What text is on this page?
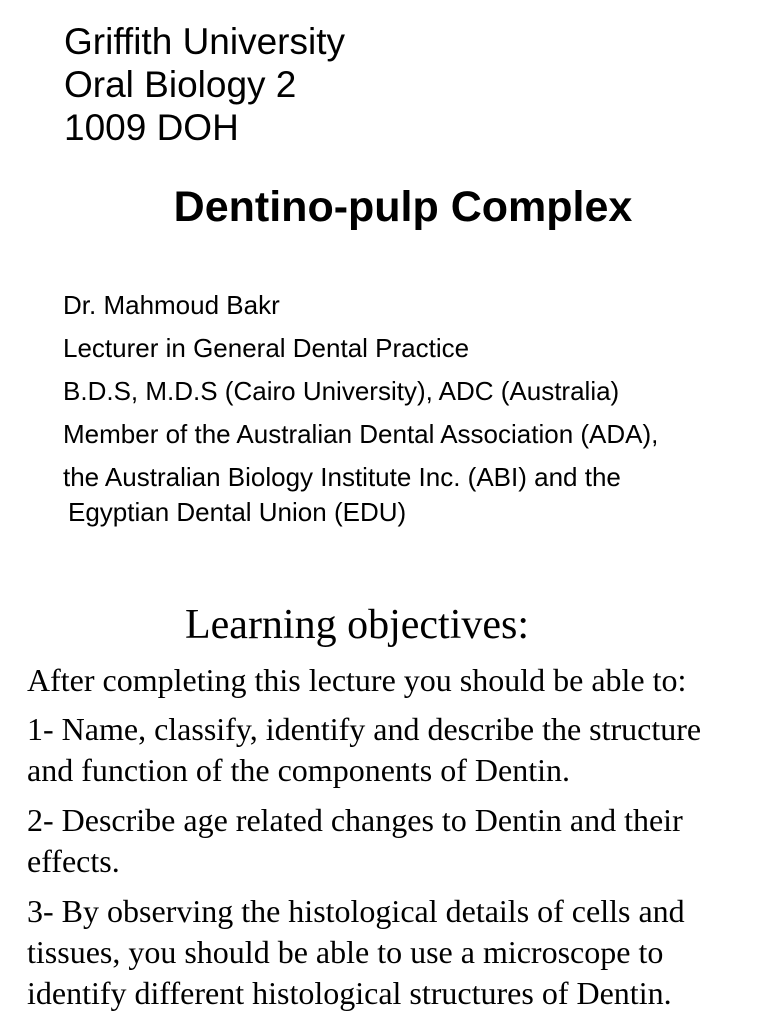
Griffith University
Oral Biology 2
1009 DOH
Dentino-pulp Complex
Dr. Mahmoud Bakr
Lecturer in General Dental Practice
B.D.S, M.D.S (Cairo University), ADC (Australia)
Member of the Australian Dental Association (ADA),
the Australian Biology Institute Inc. (ABI) and the
Egyptian Dental Union (EDU)
Learning objectives:
After completing this lecture you should be able to:
1- Name, classify, identify and describe the structure and function of the components of Dentin.
2- Describe age related changes to Dentin and their effects.
3- By observing the histological details of cells and tissues, you should be able to use a microscope to identify different histological structures of Dentin.
